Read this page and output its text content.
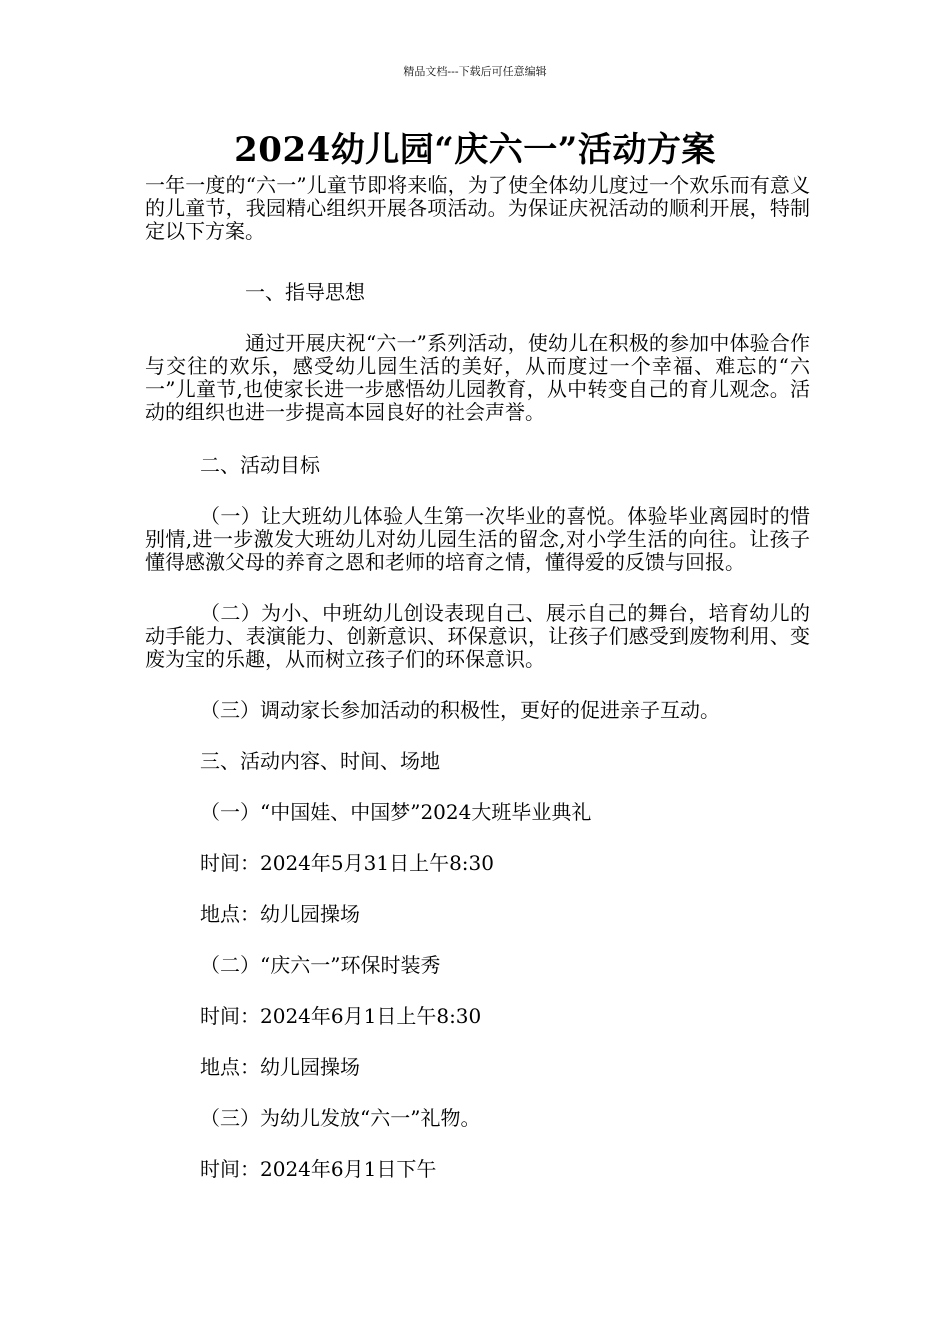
精品文档---下载后可任意编辑
2024幼儿园“庆六一”活动方案

一年一度的“六一”儿童节即将来临，为了使全体幼儿度过一个欢乐而有意义的儿童节，我园精心组织开展各项活动。为保证庆祝活动的顺利开展，特制定以下方案。

一、指导思想

通过开展庆祝“六一”系列活动，使幼儿在积极的参加中体验合作与交往的欢乐，感受幼儿园生活的美好，从而度过一个幸福、难忘的“六一”儿童节,也使家长进一步感悟幼儿园教育，从中转变自己的育儿观念。活动的组织也进一步提高本园良好的社会声誉。

二、活动目标

（一）让大班幼儿体验人生第一次毕业的喜悦。体验毕业离园时的惜别情,进一步激发大班幼儿对幼儿园生活的留念,对小学生活的向往。让孩子懂得感激父母的养育之恩和老师的培育之情，懂得爱的反馈与回报。

（二）为小、中班幼儿创设表现自己、展示自己的舞台，培育幼儿的动手能力、表演能力、创新意识、环保意识，让孩子们感受到废物利用、变废为宝的乐趣，从而树立孩子们的环保意识。

（三）调动家长参加活动的积极性，更好的促进亲子互动。

三、活动内容、时间、场地

（一）“中国娃、中国梦”2024大班毕业典礼

时间：2024年5月31日上午8:30

地点：幼儿园操场

（二）“庆六一”环保时装秀

时间：2024年6月1日上午8:30

地点：幼儿园操场

（三）为幼儿发放“六一”礼物。

时间：2024年6月1日下午
